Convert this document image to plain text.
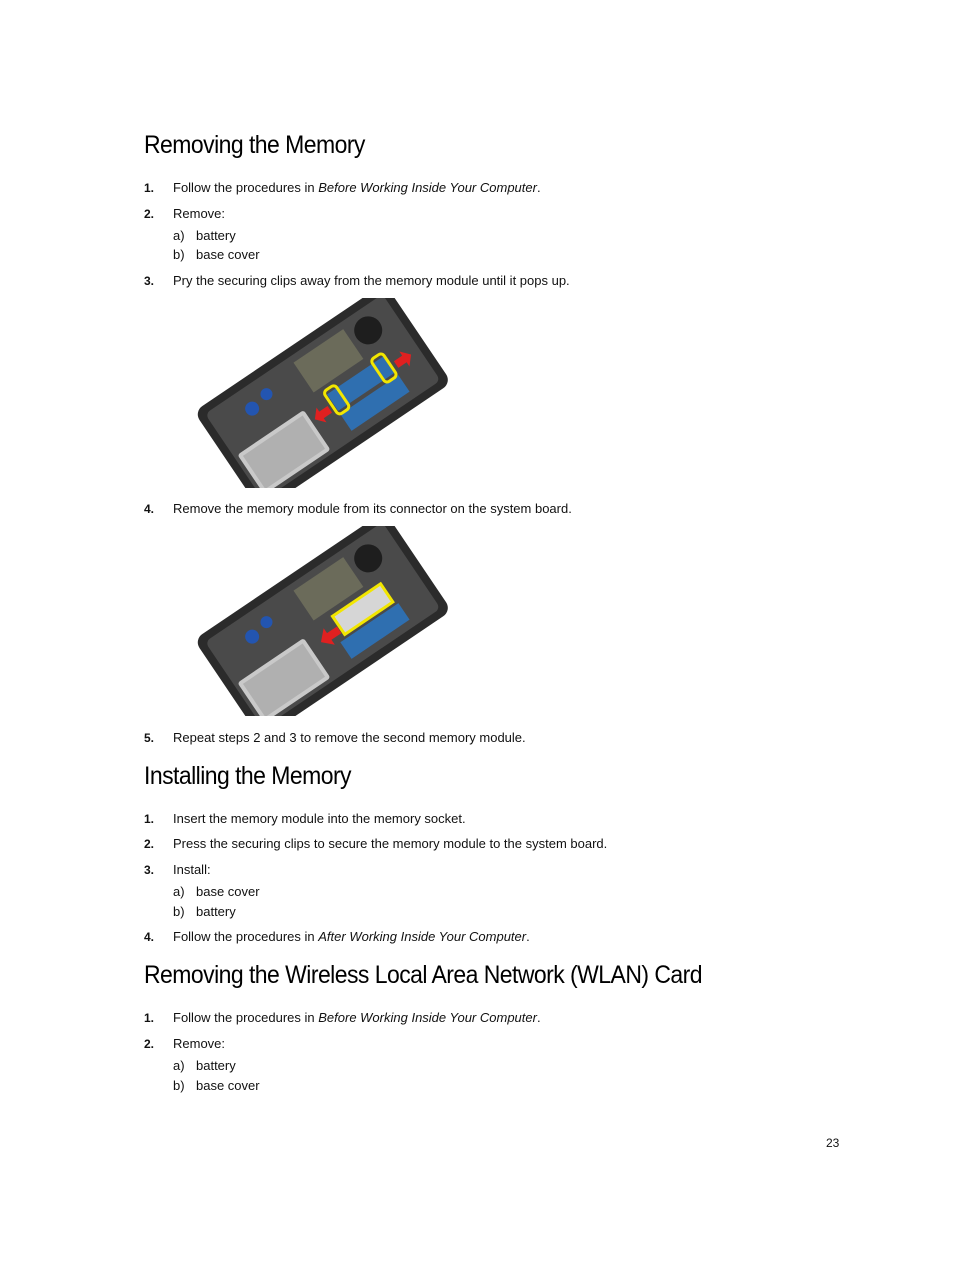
Removing the Memory
1. Follow the procedures in Before Working Inside Your Computer.
2. Remove:
a) battery
b) base cover
3. Pry the securing clips away from the memory module until it pops up.
4. Remove the memory module from its connector on the system board.
5. Repeat steps 2 and 3 to remove the second memory module.
Installing the Memory
1. Insert the memory module into the memory socket.
2. Press the securing clips to secure the memory module to the system board.
3. Install:
a) base cover
b) battery
4. Follow the procedures in After Working Inside Your Computer.
Removing the Wireless Local Area Network (WLAN) Card
1. Follow the procedures in Before Working Inside Your Computer.
2. Remove:
a) battery
b) base cover
23
